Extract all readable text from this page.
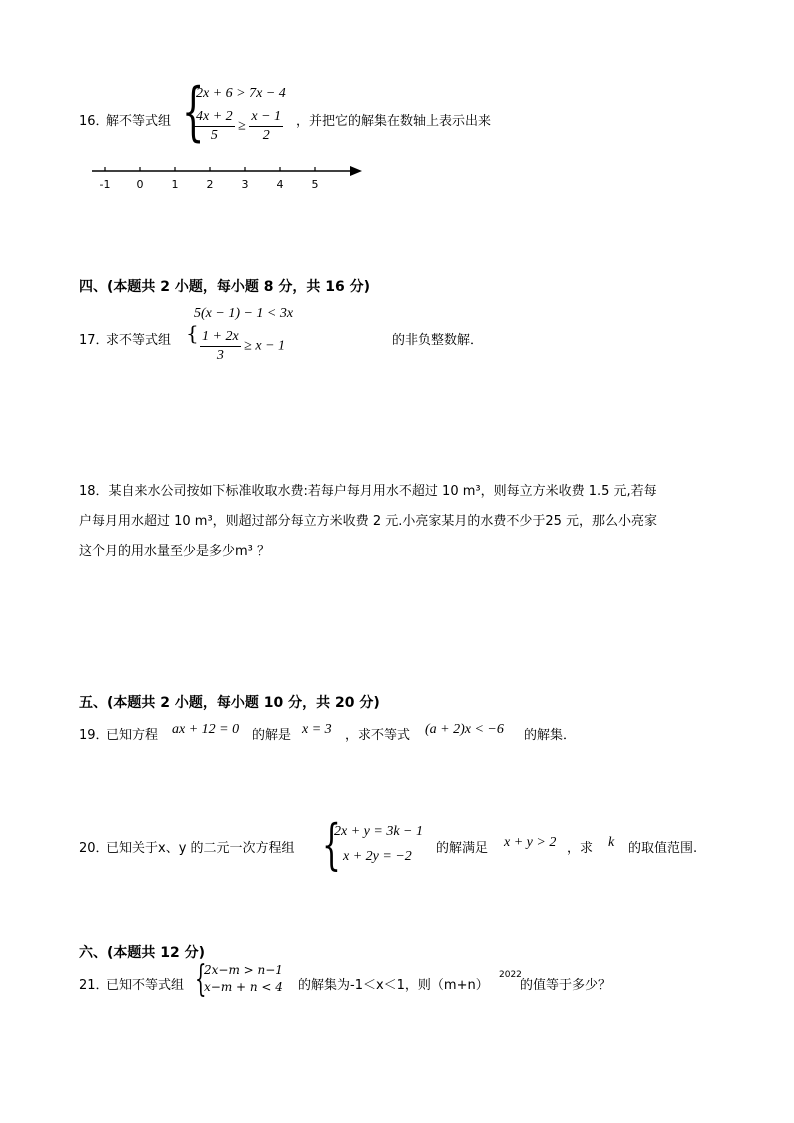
16．
解不等式组 {
2x + 6 > 7x − 4
$\frac{4x + 2}{5} \ge \frac{x - 1}{2}$ ，并把它的解集在数轴上表示出来
-1 0	1	2	3	4	5
四、(本题共 2 小题，每小题 8 分，共 16 分)
5(x − 1) − 1 < 3x
17．
求不等式组 { $\frac{1 + 2x}{3} \ge x - 1$	的非负整数解．
18．某自来水公司按如下标准收取水费:若每户每月用水不超过 10 m³，则每立方米收费 1.5 元,若每
户每月用水超过 10 m³，则超过部分每立方米收费 2 元.小亮家某月的水费不少于25 元，那么小亮家
这个月的用水量至少是多少m³ ？
五、(本题共 2 小题，每小题 10 分，共 20 分)
19．
已知方程 ax + 12 = 0 的解是 x = 3 ，求不等式 (a + 2)x < −6 的解集．
20．
已知关于x、y 的二元一次方程组 {
2x + y = 3k − 1
x + 2y = −2
的解满足 x + y > 2 ，求 k 的取值范围.
六、(本题共 12 分)
21．
已知不等式组 {
2x−m > n−1
x−m + n < 4 的解集为-1＜x＜1，则（m+n）
2022
的值等于多少？
